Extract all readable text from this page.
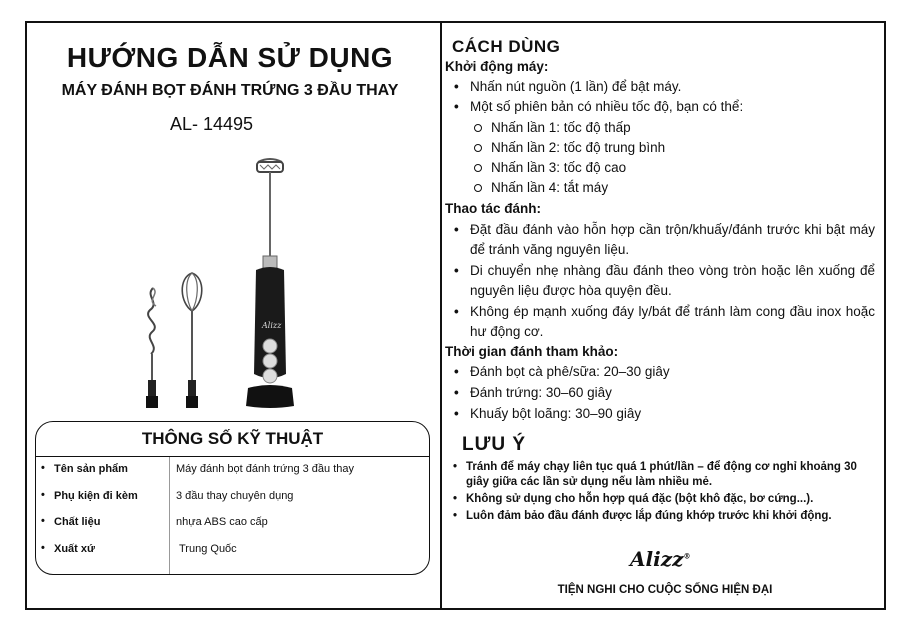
HƯỚNG DẪN SỬ DỤNG
MÁY ĐÁNH BỌT ĐÁNH TRỨNG 3 ĐẦU THAY
AL- 14495
Alizz
THÔNG SỐ KỸ THUẬT
• Tên sản phẩm	Máy đánh bọt đánh trứng 3 đầu thay
• Phụ kiện đi kèm	3 đầu thay chuyên dụng
• Chất liệu	nhựa ABS cao cấp
• Xuất xứ	Trung Quốc
CÁCH DÙNG
Khởi động máy:
• Nhấn nút nguồn (1 lần) để bật máy.
• Một số phiên bản có nhiều tốc độ, bạn có thể:
Nhấn lần 1: tốc độ thấp
Nhấn lần 2: tốc độ trung bình
Nhấn lần 3: tốc độ cao
Nhấn lần 4: tắt máy
Thao tác đánh:
• Đặt đầu đánh vào hỗn hợp cần trộn/khuấy/đánh trước khi bật máy để tránh văng nguyên liệu.
• Di chuyển nhẹ nhàng đầu đánh theo vòng tròn hoặc lên xuống để nguyên liệu được hòa quyện đều.
• Không ép mạnh xuống đáy ly/bát để tránh làm cong đầu inox hoặc hư động cơ.
Thời gian đánh tham khảo:
• Đánh bọt cà phê/sữa: 20–30 giây
• Đánh trứng: 30–60 giây
• Khuấy bột loãng: 30–90 giây
LƯU Ý
• Tránh để máy chạy liên tục quá 1 phút/lần – để động cơ nghỉ khoảng 30 giây giữa các lần sử dụng nếu làm nhiều mẻ.
• Không sử dụng cho hỗn hợp quá đặc (bột khô đặc, bơ cứng...).
• Luôn đảm bảo đầu đánh được lắp đúng khớp trước khi khởi động.
Alizz®
TIỆN NGHI CHO CUỘC SỐNG HIỆN ĐẠI
